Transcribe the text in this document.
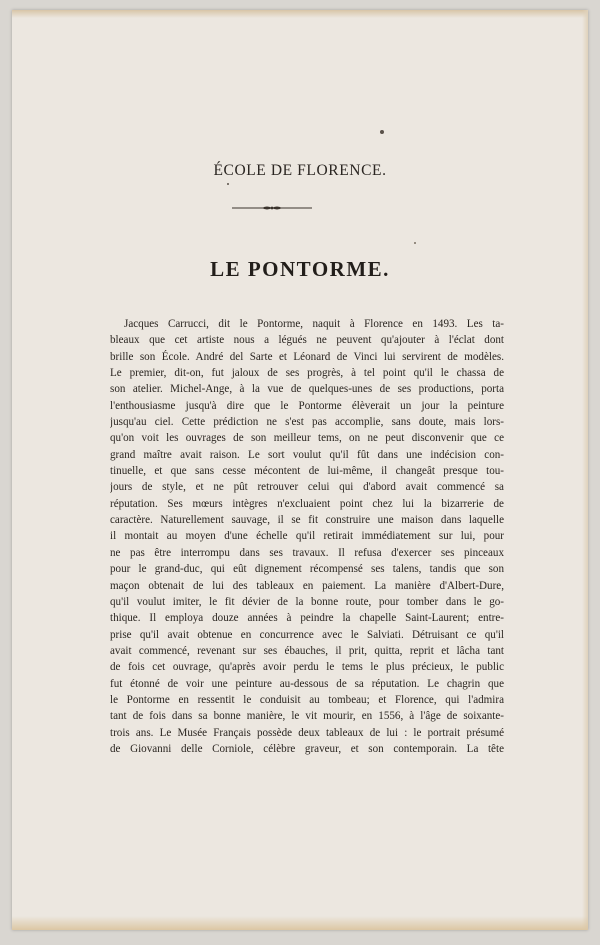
ÉCOLE DE FLORENCE.
LE PONTORME.
Jacques Carrucci, dit le Pontorme, naquit à Florence en 1493. Les ta-
bleaux que cet artiste nous a légués ne peuvent qu'ajouter à l'éclat dont
brille son École. André del Sarte et Léonard de Vinci lui servirent de modèles.
Le premier, dit-on, fut jaloux de ses progrès, à tel point qu'il le chassa de
son atelier. Michel-Ange, à la vue de quelques-unes de ses productions, porta
l'enthousiasme jusqu'à dire que le Pontorme élèverait un jour la peinture
jusqu'au ciel. Cette prédiction ne s'est pas accomplie, sans doute, mais lors-
qu'on voit les ouvrages de son meilleur tems, on ne peut disconvenir que ce
grand maître avait raison. Le sort voulut qu'il fût dans une indécision con-
tinuelle, et que sans cesse mécontent de lui-même, il changeât presque tou-
jours de style, et ne pût retrouver celui qui d'abord avait commencé sa
réputation. Ses mœurs intègres n'excluaient point chez lui la bizarrerie de
caractère. Naturellement sauvage, il se fit construire une maison dans laquelle
il montait au moyen d'une échelle qu'il retirait immédiatement sur lui, pour
ne pas être interrompu dans ses travaux. Il refusa d'exercer ses pinceaux
pour le grand-duc, qui eût dignement récompensé ses talens, tandis que son
maçon obtenait de lui des tableaux en paiement. La manière d'Albert-Dure,
qu'il voulut imiter, le fit dévier de la bonne route, pour tomber dans le go-
thique. Il employa douze années à peindre la chapelle Saint-Laurent; entre-
prise qu'il avait obtenue en concurrence avec le Salviati. Détruisant ce qu'il
avait commencé, revenant sur ses ébauches, il prit, quitta, reprit et lâcha tant
de fois cet ouvrage, qu'après avoir perdu le tems le plus précieux, le public
fut étonné de voir une peinture au-dessous de sa réputation. Le chagrin que
le Pontorme en ressentit le conduisit au tombeau; et Florence, qui l'admira
tant de fois dans sa bonne manière, le vit mourir, en 1556, à l'âge de soixante-
trois ans. Le Musée Français possède deux tableaux de lui : le portrait présumé
de Giovanni delle Corniole, célèbre graveur, et son contemporain. La tête
